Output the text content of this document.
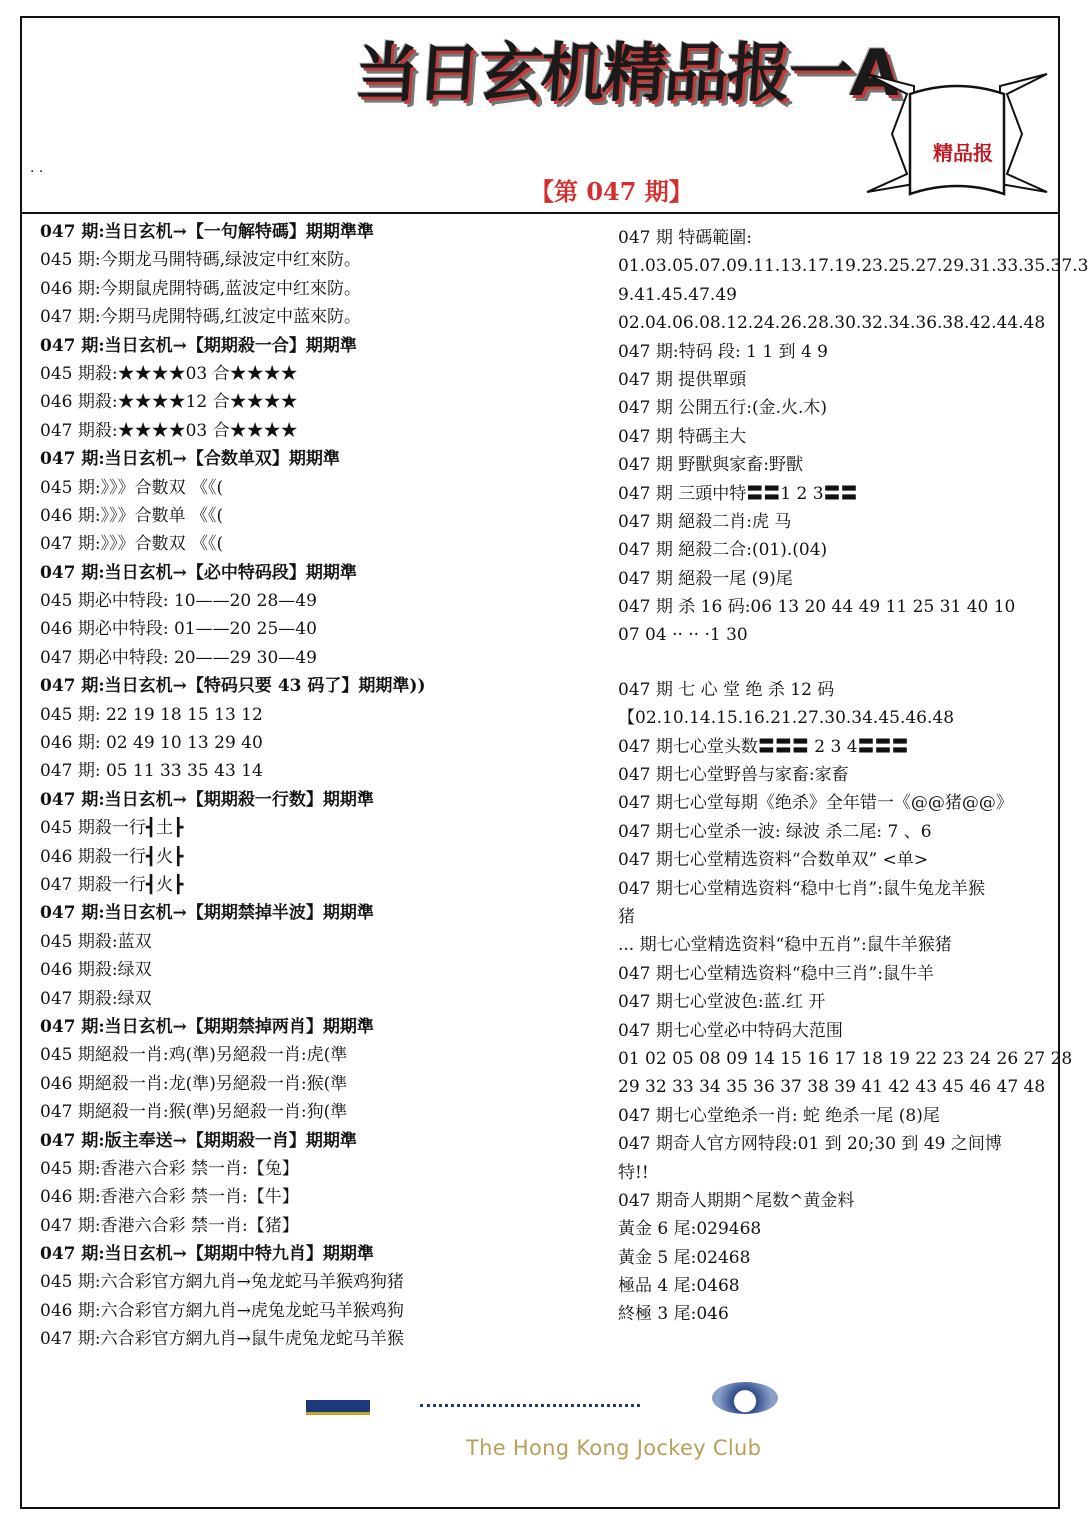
当日玄机精品报一A
. .
【第 047 期】
精品报
047 期:当日玄机→【一句解特碼】期期準準
045 期:今期龙马開特碼,绿波定中红來防。
046 期:今期鼠虎開特碼,蓝波定中红來防。
047 期:今期马虎開特碼,红波定中蓝來防。
047 期:当日玄机→【期期殺一合】期期準
045 期殺:★★★★03 合★★★★
046 期殺:★★★★12 合★★★★
047 期殺:★★★★03 合★★★★
047 期:当日玄机→【合数单双】期期準
045 期:》》》合數双 《《(
046 期:》》》合數单 《《(
047 期:》》》合數双 《《(
047 期:当日玄机→【必中特码段】期期準
045 期必中特段: 10——20 28—49
046 期必中特段: 01——20 25—40
047 期必中特段: 20——29 30—49
047 期:当日玄机→【特码只要 43 码了】期期準))
045 期: 22 19 18 15 13 12
046 期: 02 49 10 13 29 40
047 期: 05 11 33 35 43 14
047 期:当日玄机→【期期殺一行数】期期準
045 期殺一行┫土┣
046 期殺一行┫火┣
047 期殺一行┫火┣
047 期:当日玄机→【期期禁掉半波】期期準
045 期殺:蓝双
046 期殺:绿双
047 期殺:绿双
047 期:当日玄机→【期期禁掉两肖】期期準
045 期絕殺一肖:鸡(準)另絕殺一肖:虎(準
046 期絕殺一肖:龙(準)另絕殺一肖:猴(準
047 期絕殺一肖:猴(準)另絕殺一肖:狗(準
047 期:版主奉送→【期期殺一肖】期期準
045 期:香港六合彩 禁一肖:【兔】
046 期:香港六合彩 禁一肖:【牛】
047 期:香港六合彩 禁一肖:【猪】
047 期:当日玄机→【期期中特九肖】期期準
045 期:六合彩官方網九肖→兔龙蛇马羊猴鸡狗猪
046 期:六合彩官方網九肖→虎兔龙蛇马羊猴鸡狗
047 期:六合彩官方網九肖→鼠牛虎兔龙蛇马羊猴
047 期 特碼範圍:
01.03.05.07.09.11.13.17.19.23.25.27.29.31.33.35.37.3
9.41.45.47.49
02.04.06.08.12.24.26.28.30.32.34.36.38.42.44.48
047 期:特码 段: 1 1 到 4 9
047 期 提供單頭
047 期 公開五行:(金.火.木)
047 期 特碼主大
047 期 野獸與家畜:野獸
047 期 三頭中特〓〓1 2 3〓〓
047 期 絕殺二肖:虎 马
047 期 絕殺二合:(01).(04)
047 期 絕殺一尾 (9)尾
047 期 杀 16 码:06 13 20 44 49 11 25 31 40 10
07 04 ·· ·· ·1 30
047 期 七 心 堂 绝 杀 12 码
【02.10.14.15.16.21.27.30.34.45.46.48
047 期七心堂头数〓〓〓 2 3 4〓〓〓
047 期七心堂野兽与家畜:家畜
047 期七心堂每期《绝杀》全年错一《@@猪@@》
047 期七心堂杀一波: 绿波 杀二尾: 7 、6
047 期七心堂精选资料“合数单双” <单>
047 期七心堂精选资料“稳中七肖”:鼠牛兔龙羊猴
猪
... 期七心堂精选资料“稳中五肖”:鼠牛羊猴猪
047 期七心堂精选资料“稳中三肖”:鼠牛羊
047 期七心堂波色:蓝.红 开
047 期七心堂必中特码大范围
01 02 05 08 09 14 15 16 17 18 19 22 23 24 26 27 28
29 32 33 34 35 36 37 38 39 41 42 43 45 46 47 48
047 期七心堂绝杀一肖: 蛇 绝杀一尾 (8)尾
047 期奇人官方网特段:01 到 20;30 到 49 之间博
特!!
047 期奇人期期^尾数^黄金料
黃金 6 尾:029468
黃金 5 尾:02468
極品 4 尾:0468
終極 3 尾:046
The Hong Kong Jockey Club
